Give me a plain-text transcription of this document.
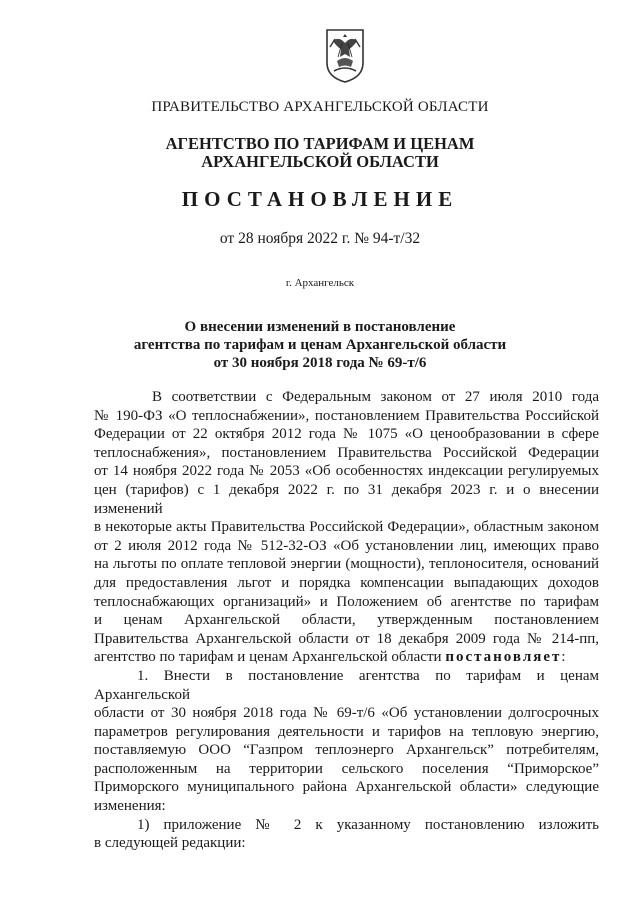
ПРАВИТЕЛЬСТВО АРХАНГЕЛЬСКОЙ ОБЛАСТИ
АГЕНТСТВО ПО ТАРИФАМ И ЦЕНАМ
АРХАНГЕЛЬСКОЙ ОБЛАСТИ
ПОСТАНОВЛЕНИЕ
от 28 ноября 2022 г. № 94-т/32
г. Архангельск
О внесении изменений в постановление
агентства по тарифам и ценам Архангельской области
от 30 ноября 2018 года № 69-т/6

В соответствии с Федеральным законом от 27 июля 2010 года

№ 190-ФЗ «О теплоснабжении», постановлением Правительства Российской

Федерации от 22 октября 2012 года № 1075 «О ценообразовании в сфере

теплоснабжения», постановлением Правительства Российской Федерации

от 14 ноября 2022 года № 2053 «Об особенностях индексации регулируемых

цен (тарифов) с 1 декабря 2022 г. по 31 декабря 2023 г. и о внесении изменений

в некоторые акты Правительства Российской Федерации», областным законом

от 2 июля 2012 года № 512-32-ОЗ «Об установлении лиц, имеющих право

на льготы по оплате тепловой энергии (мощности), теплоносителя, оснований

для предоставления льгот и порядка компенсации выпадающих доходов

теплоснабжающих организаций» и Положением об агентстве по тарифам

и ценам Архангельской области, утвержденным постановлением

Правительства Архангельской области от 18 декабря 2009 года № 214-пп,

агентство по тарифам и ценам Архангельской области постановляет:

1. Внести в постановление агентства по тарифам и ценам Архангельской

области от 30 ноября 2018 года № 69-т/6 «Об установлении долгосрочных

параметров регулирования деятельности и тарифов на тепловую энергию,

поставляемую ООО “Газпром теплоэнерго Архангельск” потребителям,

расположенным на территории сельского поселения “Приморское”

Приморского муниципального района Архангельской области» следующие

изменения:

1) приложение № 2 к указанному постановлению изложить

в следующей редакции:
